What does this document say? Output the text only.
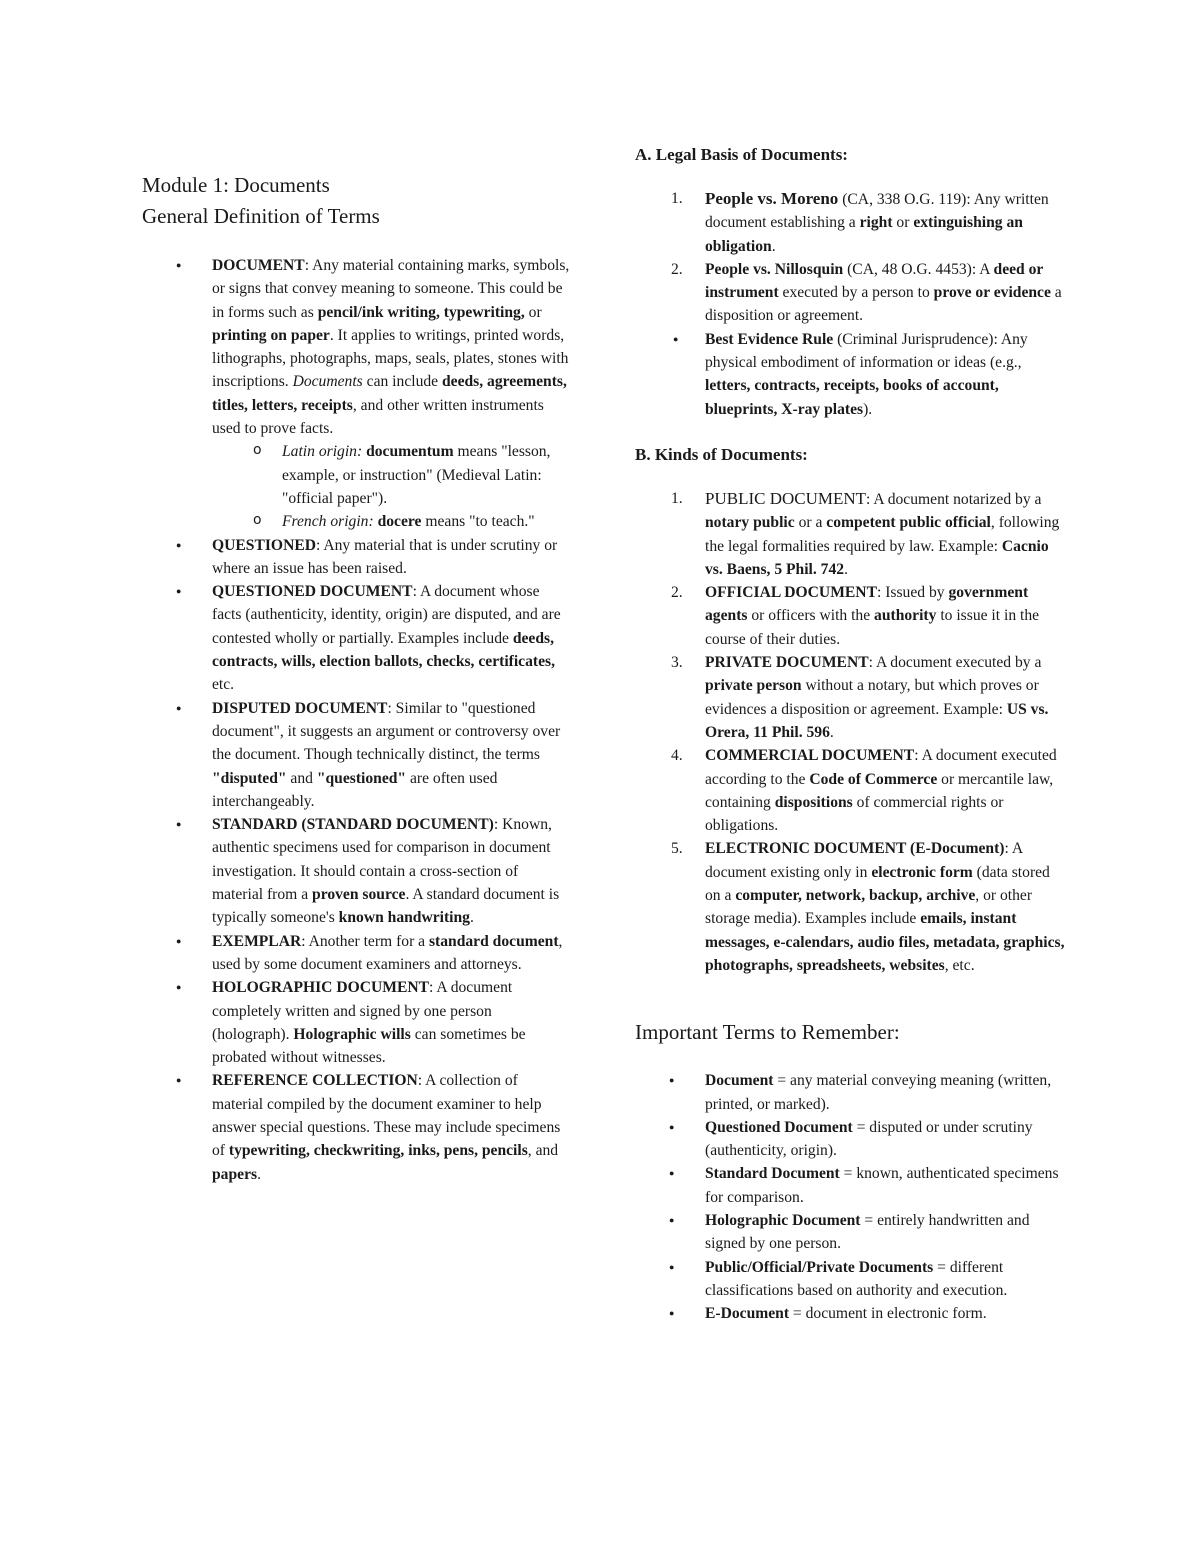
Module 1: Documents
General Definition of Terms
● DOCUMENT: Any material containing marks, symbols, or signs that convey meaning to someone. This could be in forms such as pencil/ink writing, typewriting, or printing on paper. It applies to writings, printed words, lithographs, photographs, maps, seals, plates, stones with inscriptions. Documents can include deeds, agreements, titles, letters, receipts, and other written instruments used to prove facts.
o Latin origin: documentum means "lesson, example, or instruction" (Medieval Latin: "official paper").
o French origin: docere means "to teach."
● QUESTIONED: Any material that is under scrutiny or where an issue has been raised.
● QUESTIONED DOCUMENT: A document whose facts (authenticity, identity, origin) are disputed, and are contested wholly or partially. Examples include deeds, contracts, wills, election ballots, checks, certificates, etc.
● DISPUTED DOCUMENT: Similar to "questioned document", it suggests an argument or controversy over the document. Though technically distinct, the terms "disputed" and "questioned" are often used interchangeably.
● STANDARD (STANDARD DOCUMENT): Known, authentic specimens used for comparison in document investigation. It should contain a cross-section of material from a proven source. A standard document is typically someone's known handwriting.
● EXEMPLAR: Another term for a standard document, used by some document examiners and attorneys.
● HOLOGRAPHIC DOCUMENT: A document completely written and signed by one person (holograph). Holographic wills can sometimes be probated without witnesses.
● REFERENCE COLLECTION: A collection of material compiled by the document examiner to help answer special questions. These may include specimens of typewriting, checkwriting, inks, pens, pencils, and papers.
A. Legal Basis of Documents:
1. People vs. Moreno (CA, 338 O.G. 119): Any written document establishing a right or extinguishing an obligation.
2. People vs. Nillosquin (CA, 48 O.G. 4453): A deed or instrument executed by a person to prove or evidence a disposition or agreement.
● Best Evidence Rule (Criminal Jurisprudence): Any physical embodiment of information or ideas (e.g., letters, contracts, receipts, books of account, blueprints, X-ray plates).
B. Kinds of Documents:
1. PUBLIC DOCUMENT: A document notarized by a notary public or a competent public official, following the legal formalities required by law. Example: Cacnio vs. Baens, 5 Phil. 742.
2. OFFICIAL DOCUMENT: Issued by government agents or officers with the authority to issue it in the course of their duties.
3. PRIVATE DOCUMENT: A document executed by a private person without a notary, but which proves or evidences a disposition or agreement. Example: US vs. Orera, 11 Phil. 596.
4. COMMERCIAL DOCUMENT: A document executed according to the Code of Commerce or mercantile law, containing dispositions of commercial rights or obligations.
5. ELECTRONIC DOCUMENT (E-Document): A document existing only in electronic form (data stored on a computer, network, backup, archive, or other storage media). Examples include emails, instant messages, e-calendars, audio files, metadata, graphics, photographs, spreadsheets, websites, etc.
Important Terms to Remember:
● Document = any material conveying meaning (written, printed, or marked).
● Questioned Document = disputed or under scrutiny (authenticity, origin).
● Standard Document = known, authenticated specimens for comparison.
● Holographic Document = entirely handwritten and signed by one person.
● Public/Official/Private Documents = different classifications based on authority and execution.
● E-Document = document in electronic form.
